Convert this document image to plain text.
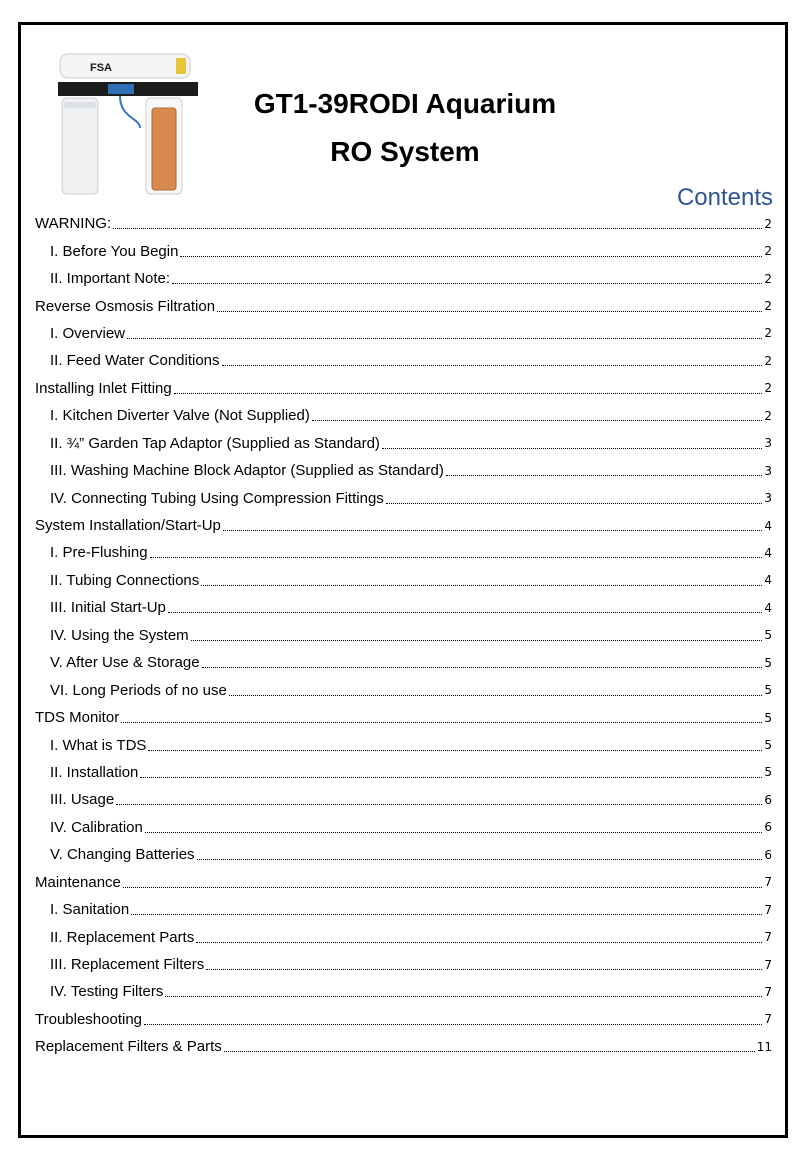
FSA
GT1-39RODI Aquarium
RO System
Contents
WARNING:	2
I. Before You Begin	2
II. Important Note:	2
Reverse Osmosis Filtration	2
I. Overview	2
II. Feed Water Conditions	2
Installing Inlet Fitting	2
I. Kitchen Diverter Valve (Not Supplied)	2
II. ¾” Garden Tap Adaptor (Supplied as Standard)	3
III. Washing Machine Block Adaptor (Supplied as Standard)	3
IV. Connecting Tubing Using Compression Fittings	3
System Installation/Start-Up	4
I. Pre-Flushing	4
II. Tubing Connections	4
III. Initial Start-Up	4
IV. Using the System	5
V. After Use & Storage	5
VI. Long Periods of no use	5
TDS Monitor	5
I. What is TDS	5
II. Installation	5
III. Usage	6
IV. Calibration	6
V. Changing Batteries	6
Maintenance	7
I. Sanitation	7
II. Replacement Parts	7
III. Replacement Filters	7
IV. Testing Filters	7
Troubleshooting	7
Replacement Filters & Parts	11
